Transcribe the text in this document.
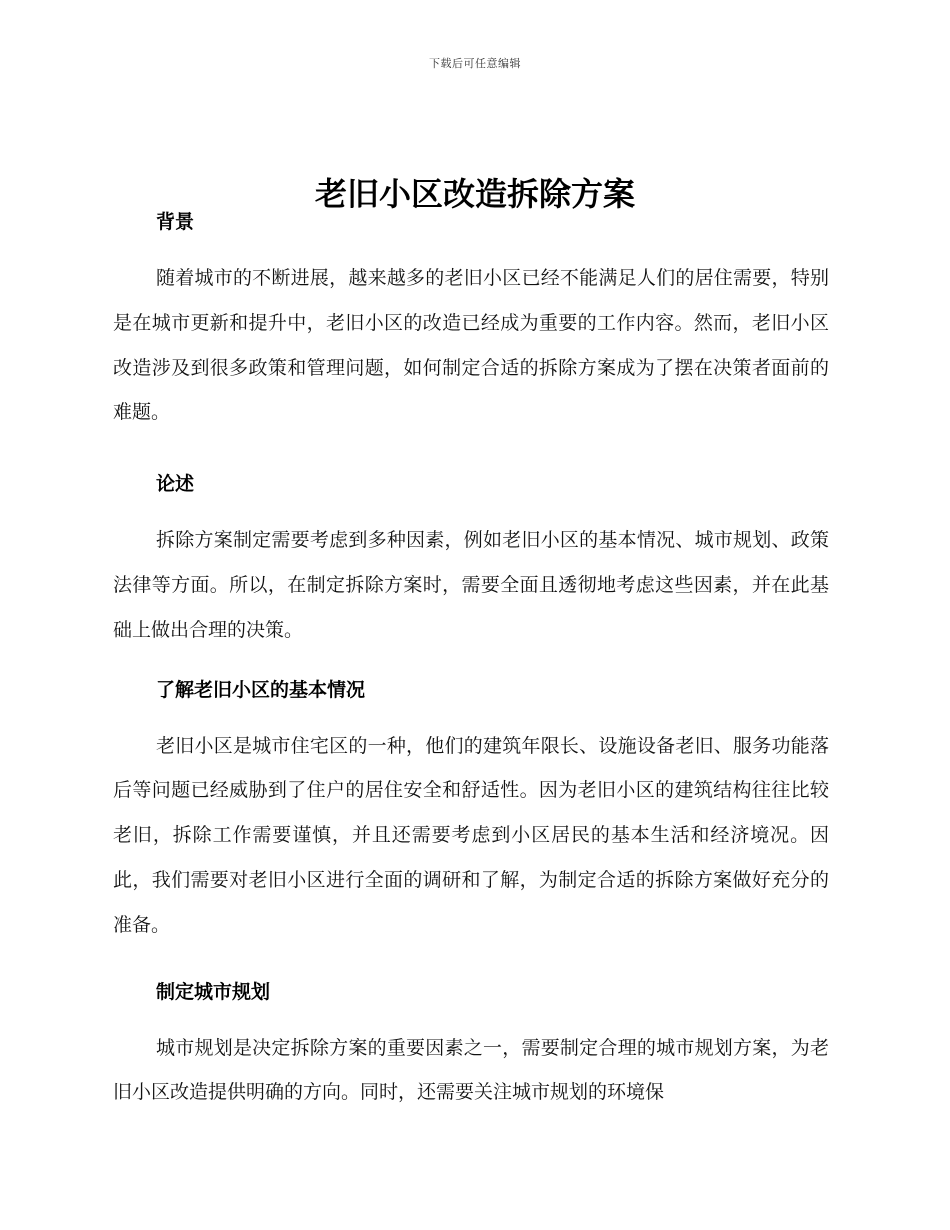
下载后可任意编辑
老旧小区改造拆除方案
背景

随着城市的不断进展，越来越多的老旧小区已经不能满足人们的居住需要，特别是在城市更新和提升中，老旧小区的改造已经成为重要的工作内容。然而，老旧小区改造涉及到很多政策和管理问题，如何制定合适的拆除方案成为了摆在决策者面前的难题。

论述

拆除方案制定需要考虑到多种因素，例如老旧小区的基本情况、城市规划、政策法律等方面。所以，在制定拆除方案时，需要全面且透彻地考虑这些因素，并在此基础上做出合理的决策。

了解老旧小区的基本情况

老旧小区是城市住宅区的一种，他们的建筑年限长、设施设备老旧、服务功能落后等问题已经威胁到了住户的居住安全和舒适性。因为老旧小区的建筑结构往往比较老旧，拆除工作需要谨慎，并且还需要考虑到小区居民的基本生活和经济境况。因此，我们需要对老旧小区进行全面的调研和了解，为制定合适的拆除方案做好充分的准备。

制定城市规划

城市规划是决定拆除方案的重要因素之一，需要制定合理的城市规划方案，为老旧小区改造提供明确的方向。同时，还需要关注城市规划的环境保
